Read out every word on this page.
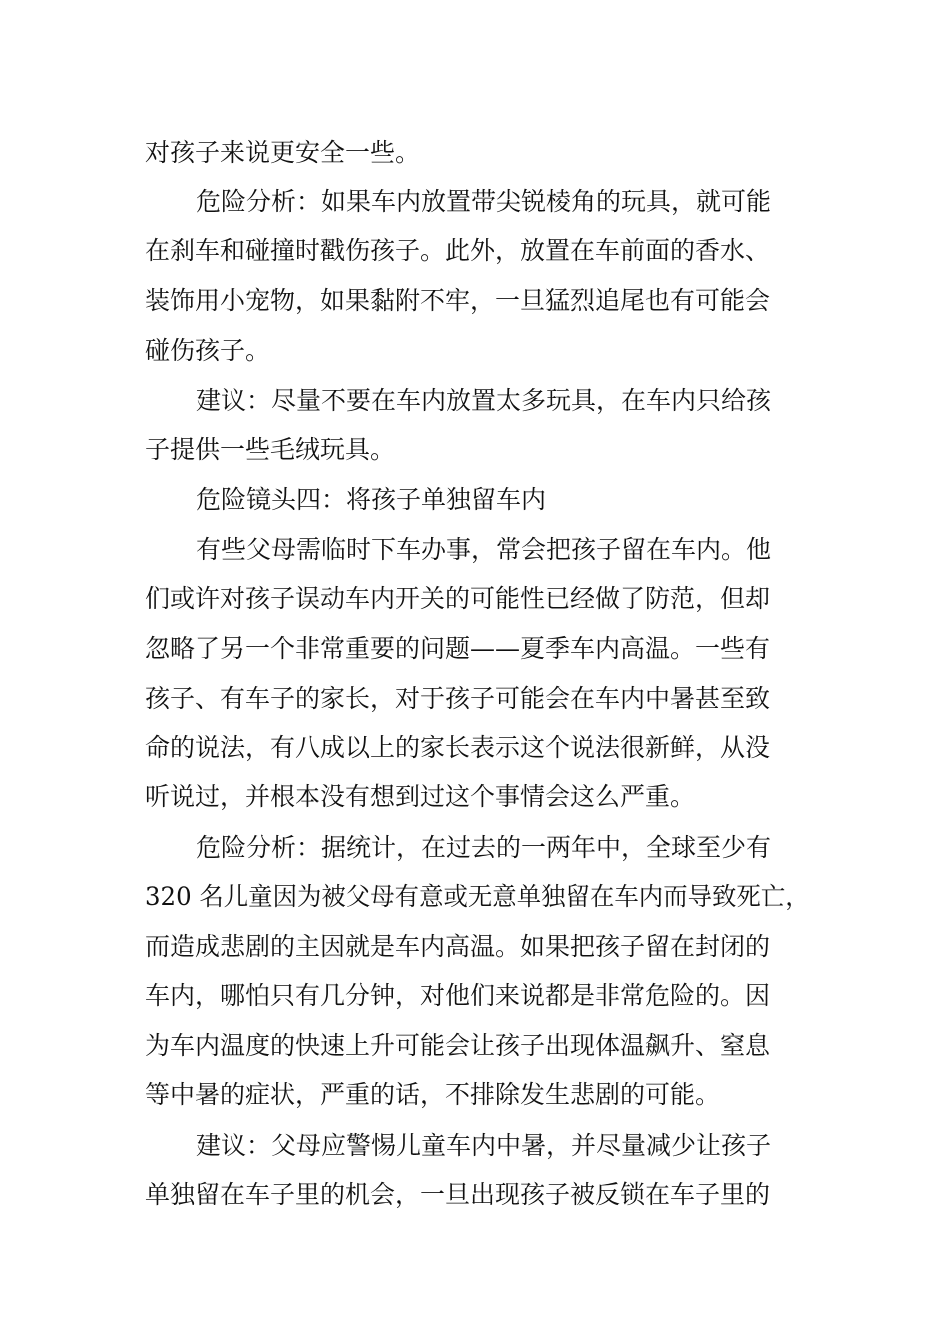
对孩子来说更安全一些。
危险分析：如果车内放置带尖锐棱角的玩具，就可能
在刹车和碰撞时戳伤孩子。此外，放置在车前面的香水、
装饰用小宠物，如果黏附不牢，一旦猛烈追尾也有可能会
碰伤孩子。
建议：尽量不要在车内放置太多玩具，在车内只给孩
子提供一些毛绒玩具。
危险镜头四：将孩子单独留车内
有些父母需临时下车办事，常会把孩子留在车内。他
们或许对孩子误动车内开关的可能性已经做了防范，但却
忽略了另一个非常重要的问题——夏季车内高温。一些有
孩子、有车子的家长，对于孩子可能会在车内中暑甚至致
命的说法，有八成以上的家长表示这个说法很新鲜，从没
听说过，并根本没有想到过这个事情会这么严重。
危险分析：据统计，在过去的一两年中，全球至少有
320 名儿童因为被父母有意或无意单独留在车内而导致死亡，
而造成悲剧的主因就是车内高温。如果把孩子留在封闭的
车内，哪怕只有几分钟，对他们来说都是非常危险的。因
为车内温度的快速上升可能会让孩子出现体温飙升、窒息
等中暑的症状，严重的话，不排除发生悲剧的可能。
建议：父母应警惕儿童车内中暑，并尽量减少让孩子
单独留在车子里的机会，一旦出现孩子被反锁在车子里的
